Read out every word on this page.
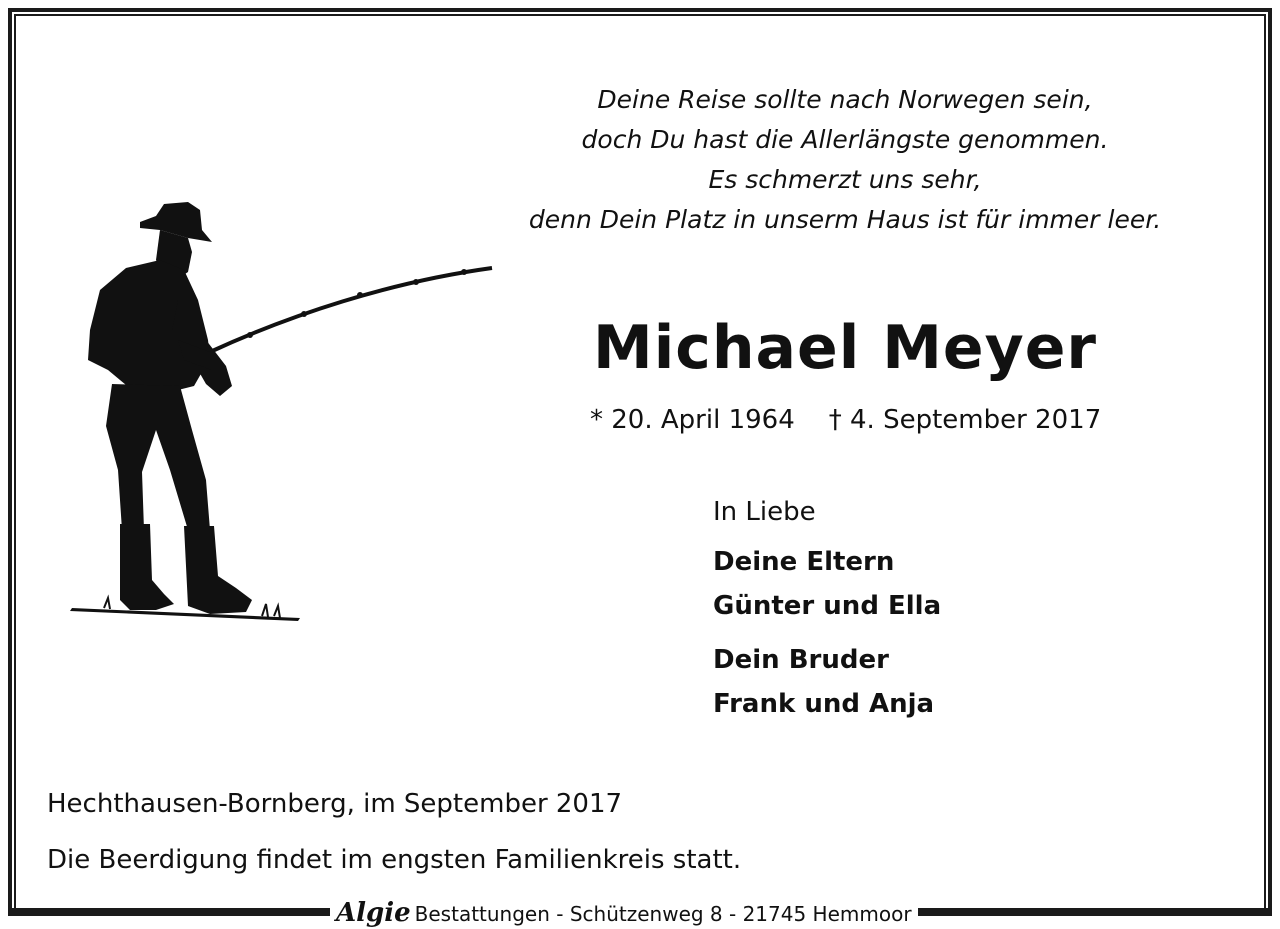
Deine Reise sollte nach Norwegen sein,
doch Du hast die Allerlängste genommen.
Es schmerzt uns sehr,
denn Dein Platz in unserm Haus ist für immer leer.
Michael Meyer
* 20. April 1964 † 4. September 2017
In Liebe
Deine Eltern
Günter und Ella
Dein Bruder
Frank und Anja
Hechthausen-Bornberg, im September 2017
Die Beerdigung findet im engsten Familienkreis statt.
Algie Bestattungen - Schützenweg 8 - 21745 Hemmoor
